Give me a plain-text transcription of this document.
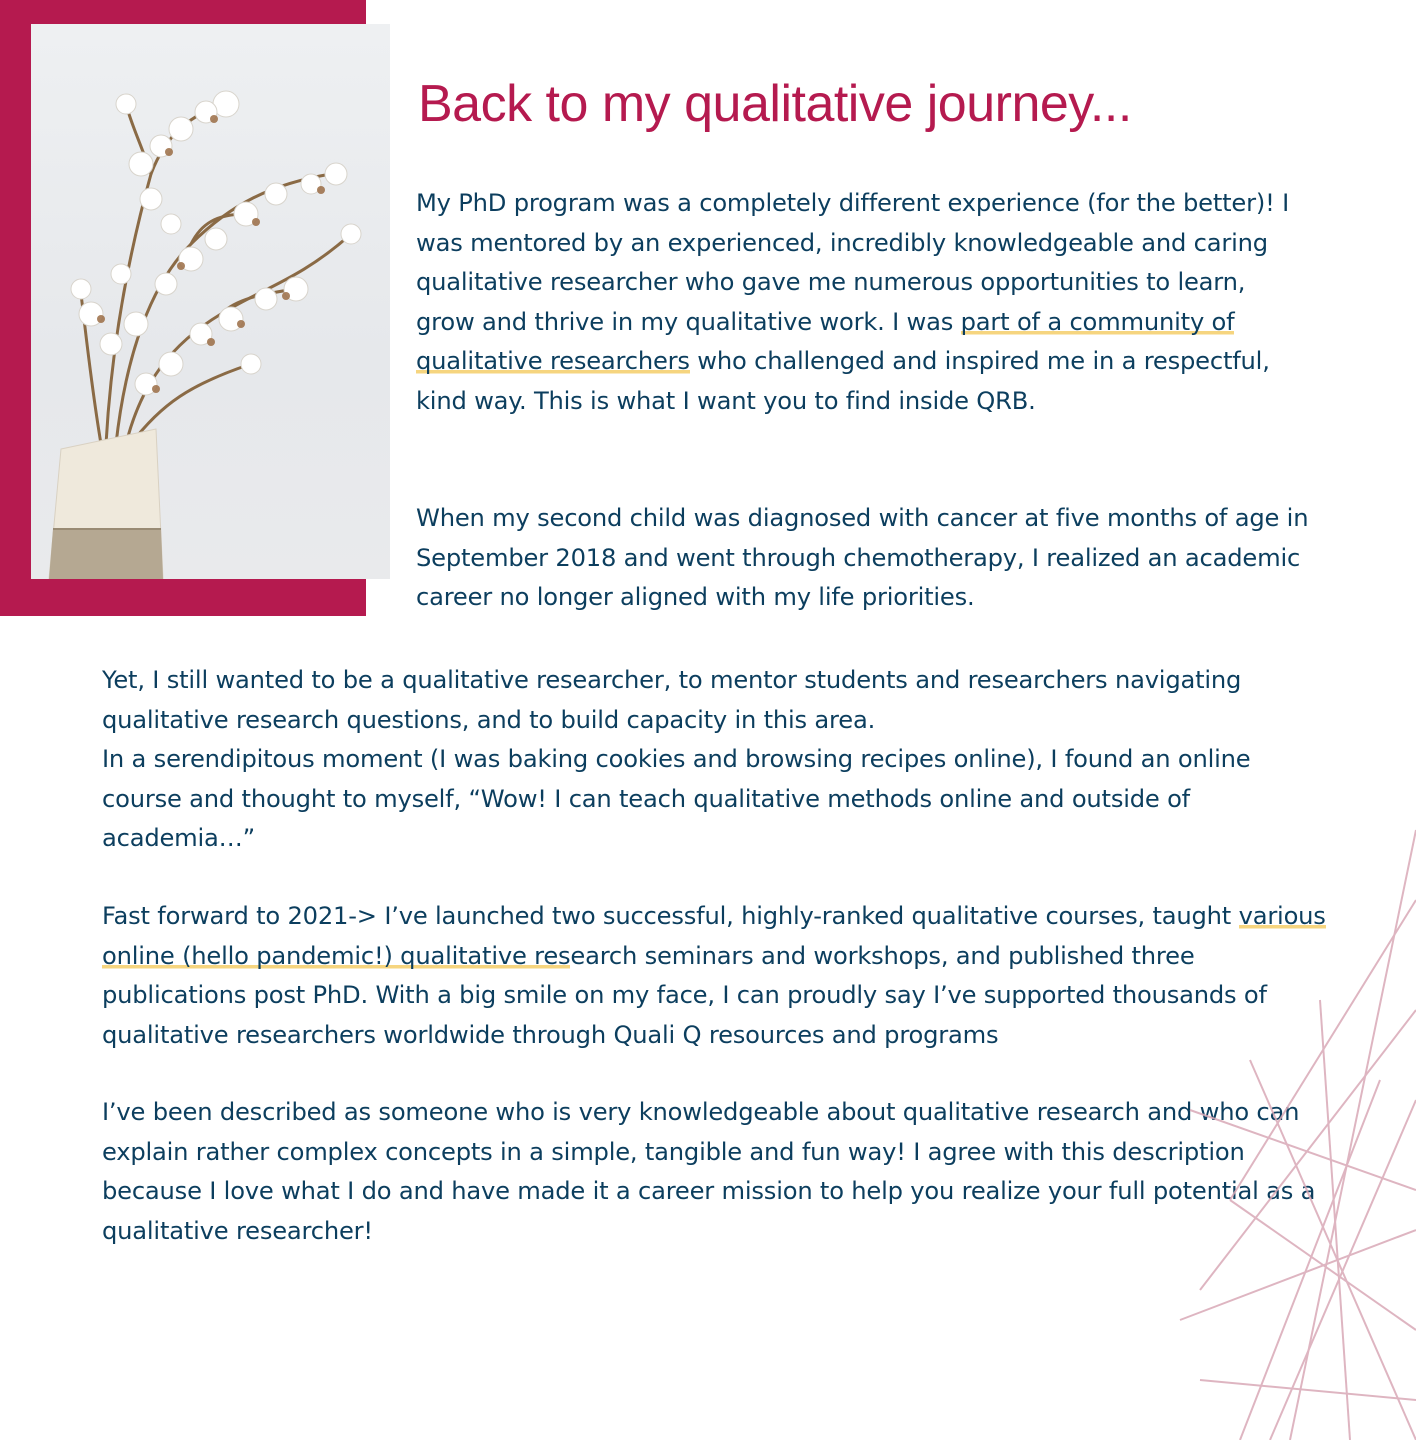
Back to my qualitative journey...

My PhD program was a completely different experience (for the better)! I was mentored by an experienced, incredibly knowledgeable and caring qualitative researcher who gave me numerous opportunities to learn, grow and thrive in my qualitative work. I was part of a community of qualitative researchers who challenged and inspired me in a respectful, kind way. This is what I want you to find inside QRB.

When my second child was diagnosed with cancer at five months of age in September 2018 and went through chemotherapy, I realized an academic career no longer aligned with my life priorities.

Yet, I still wanted to be a qualitative researcher, to mentor students and researchers navigating qualitative research questions, and to build capacity in this area.
In a serendipitous moment (I was baking cookies and browsing recipes online), I found an online course and thought to myself, “Wow! I can teach qualitative methods online and outside of academia…”

Fast forward to 2021-> I’ve launched two successful, highly-ranked qualitative courses, taught various online (hello pandemic!) qualitative research seminars and workshops, and published three publications post PhD. With a big smile on my face, I can proudly say I’ve supported thousands of qualitative researchers worldwide through Quali Q resources and programs

I’ve been described as someone who is very knowledgeable about qualitative research and who can explain rather complex concepts in a simple, tangible and fun way! I agree with this description because I love what I do and have made it a career mission to help you realize your full potential as a qualitative researcher!
